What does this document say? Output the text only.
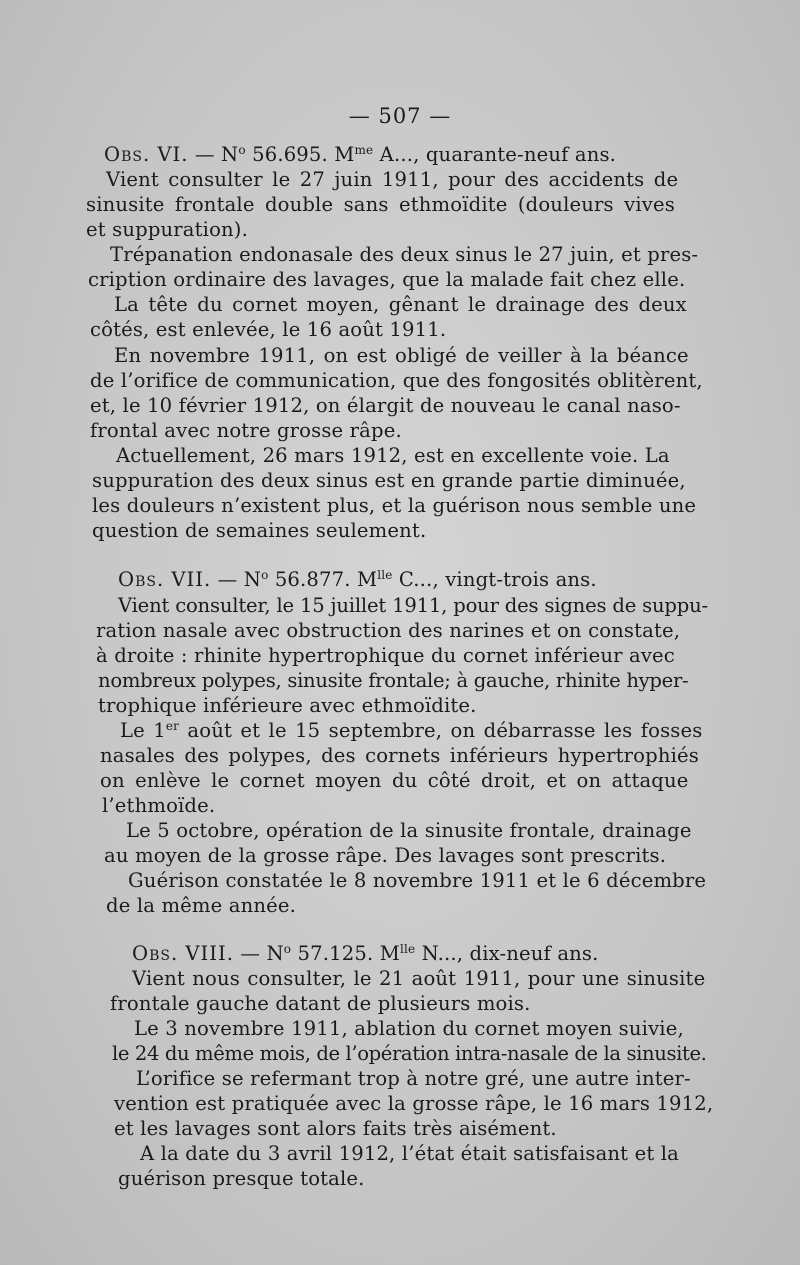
— 507 —
Obs. VI. — $N^o$ 56.695. $M^{me}$ A..., quarante-neuf ans.
Vient consulter le 27 juin 1911, pour des accidents de
sinusite frontale double sans ethmoïdite (douleurs vives
et suppuration).
Trépanation endonasale des deux sinus le 27 juin, et pres-
cription ordinaire des lavages, que la malade fait chez elle.
La tête du cornet moyen, gênant le drainage des deux
côtés, est enlevée, le 16 août 1911.
En novembre 1911, on est obligé de veiller à la béance
de l’orifice de communication, que des fongosités oblitèrent,
et, le 10 février 1912, on élargit de nouveau le canal naso-
frontal avec notre grosse râpe.
Actuellement, 26 mars 1912, est en excellente voie. La
suppuration des deux sinus est en grande partie diminuée,
les douleurs n’existent plus, et la guérison nous semble une
question de semaines seulement.
Obs. VII. — $N^o$ 56.877. $M^{lle}$ C..., vingt-trois ans.
Vient consulter, le 15 juillet 1911, pour des signes de suppu-
ration nasale avec obstruction des narines et on constate,
à droite : rhinite hypertrophique du cornet inférieur avec
nombreux polypes, sinusite frontale; à gauche, rhinite hyper-
trophique inférieure avec ethmoïdite.
Le 1er août et le 15 septembre, on débarrasse les fosses
nasales des polypes, des cornets inférieurs hypertrophiés
on enlève le cornet moyen du côté droit, et on attaque
l’ethmoïde.
Le 5 octobre, opération de la sinusite frontale, drainage
au moyen de la grosse râpe. Des lavages sont prescrits.
Guérison constatée le 8 novembre 1911 et le 6 décembre
de la même année.
Obs. VIII. — $N^o$ 57.125. $M^{lle}$ N..., dix-neuf ans.
Vient nous consulter, le 21 août 1911, pour une sinusite
frontale gauche datant de plusieurs mois.
Le 3 novembre 1911, ablation du cornet moyen suivie,
le 24 du même mois, de l’opération intra-nasale de la sinusite.
L’orifice se refermant trop à notre gré, une autre inter-
vention est pratiquée avec la grosse râpe, le 16 mars 1912,
et les lavages sont alors faits très aisément.
A la date du 3 avril 1912, l’état était satisfaisant et la
guérison presque totale.
